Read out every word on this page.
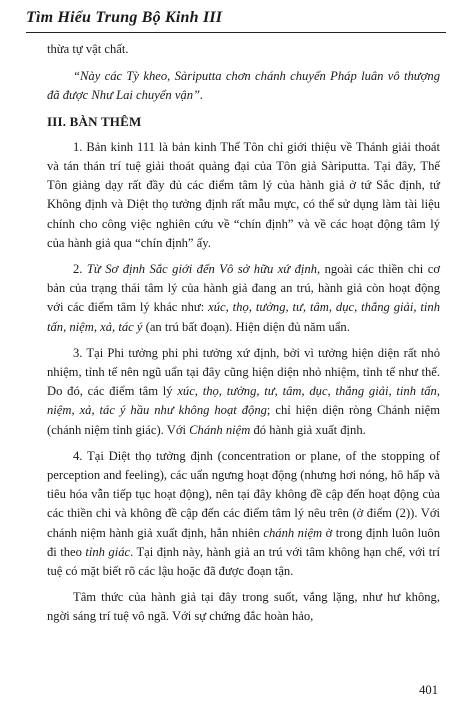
Tìm Hiểu Trung Bộ Kinh III

thừa tự vật chất.

“Này các Tỳ kheo, Sàriputta chơn chánh chuyển Pháp luân vô thượng đã được Như Lai chuyển vận”.

III. BÀN THÊM

1. Bản kinh 111 là bản kinh Thế Tôn chỉ giới thiệu về Thánh giải thoát và tán thán trí tuệ giải thoát quảng đại của Tôn giả Sàriputta. Tại đây, Thế Tôn giảng dạy rất đầy đủ các điểm tâm lý của hành giả ở tứ Sắc định, tứ Không định và Diệt thọ tưởng định rất mẫu mực, có thể sử dụng làm tài liệu chính cho công việc nghiên cứu về “chín định” và về các hoạt động tâm lý của hành giả qua “chín định” ấy.

2. Từ Sơ định Sắc giới đến Vô sở hữu xứ định, ngoài các thiền chi cơ bản của trạng thái tâm lý của hành giả đang an trú, hành giả còn hoạt động với các điểm tâm lý khác như: xúc, thọ, tưởng, tư, tâm, dục, thắng giải, tinh tấn, niệm, xả, tác ý (an trú bất đoạn). Hiện diện đủ năm uẩn.

3. Tại Phi tưởng phi phi tưởng xứ định, bởi vì tưởng hiện diện rất nhỏ nhiệm, tỉnh tế nên ngũ uẩn tại đây cũng hiện diện nhỏ nhiệm, tỉnh tế như thế. Do đó, các điểm tâm lý xúc, thọ, tưởng, tư, tâm, dục, thắng giải, tinh tấn, niệm, xả, tác ý hầu như không hoạt động; chỉ hiện diện ròng Chánh niệm (chánh niệm tỉnh giác). Với Chánh niệm đó hành giả xuất định.

4. Tại Diệt thọ tưởng định (concentration or plane, of the stopping of perception and feeling), các uẩn ngưng hoạt động (nhưng hơi nóng, hô hấp và tiêu hóa vẫn tiếp tục hoạt động), nên tại đây không đề cập đến hoạt động của các thiền chi và không đề cập đến các điểm tâm lý nêu trên (ở điểm (2)). Với chánh niệm hành giả xuất định, hẳn nhiên chánh niệm ở trong định luôn luôn đi theo tỉnh giác. Tại định này, hành giả an trú với tâm không hạn chế, với trí tuệ có mặt biết rõ các lậu hoặc đã được đoạn tận.

Tâm thức của hành giả tại đây trong suốt, vắng lặng, như hư không, ngời sáng trí tuệ vô ngã. Với sự chứng đắc hoàn hảo,

401
